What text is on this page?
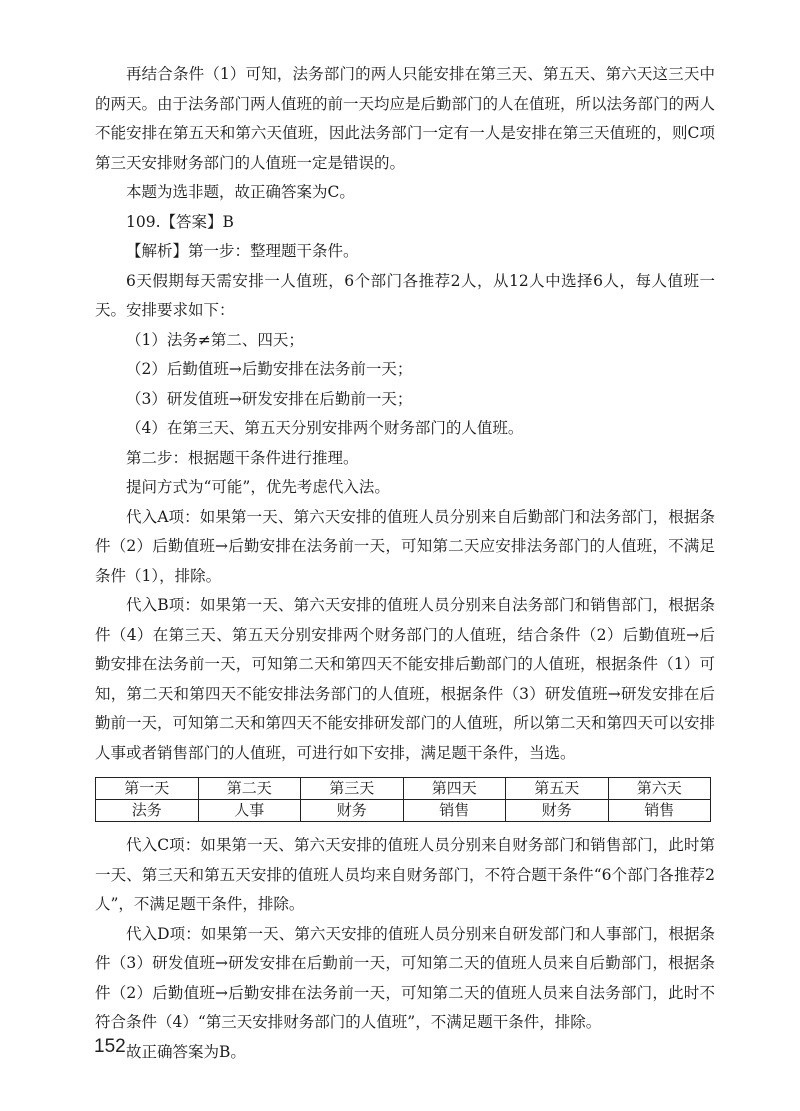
再结合条件（1）可知，法务部门的两人只能安排在第三天、第五天、第六天这三天中的两天。由于法务部门两人值班的前一天均应是后勤部门的人在值班，所以法务部门的两人不能安排在第五天和第六天值班，因此法务部门一定有一人是安排在第三天值班的，则C项第三天安排财务部门的人值班一定是错误的。

本题为选非题，故正确答案为C。

109.【答案】B

【解析】第一步：整理题干条件。

6天假期每天需安排一人值班，6个部门各推荐2人，从12人中选择6人，每人值班一天。安排要求如下：

（1）法务≠第二、四天；

（2）后勤值班→后勤安排在法务前一天；

（3）研发值班→研发安排在后勤前一天；

（4）在第三天、第五天分别安排两个财务部门的人值班。

第二步：根据题干条件进行推理。

提问方式为“可能”，优先考虑代入法。

代入A项：如果第一天、第六天安排的值班人员分别来自后勤部门和法务部门，根据条件（2）后勤值班→后勤安排在法务前一天，可知第二天应安排法务部门的人值班，不满足条件（1），排除。

代入B项：如果第一天、第六天安排的值班人员分别来自法务部门和销售部门，根据条件（4）在第三天、第五天分别安排两个财务部门的人值班，结合条件（2）后勤值班→后勤安排在法务前一天，可知第二天和第四天不能安排后勤部门的人值班，根据条件（1）可知，第二天和第四天不能安排法务部门的人值班，根据条件（3）研发值班→研发安排在后勤前一天，可知第二天和第四天不能安排研发部门的人值班，所以第二天和第四天可以安排人事或者销售部门的人值班，可进行如下安排，满足题干条件，当选。

第一天	第二天	第三天	第四天	第五天	第六天
法务	人事	财务	销售	财务	销售

代入C项：如果第一天、第六天安排的值班人员分别来自财务部门和销售部门，此时第一天、第三天和第五天安排的值班人员均来自财务部门，不符合题干条件“6个部门各推荐2人”，不满足题干条件，排除。

代入D项：如果第一天、第六天安排的值班人员分别来自研发部门和人事部门，根据条件（3）研发值班→研发安排在后勤前一天，可知第二天的值班人员来自后勤部门，根据条件（2）后勤值班→后勤安排在法务前一天，可知第二天的值班人员来自法务部门，此时不符合条件（4）“第三天安排财务部门的人值班”，不满足题干条件，排除。

故正确答案为B。

152
